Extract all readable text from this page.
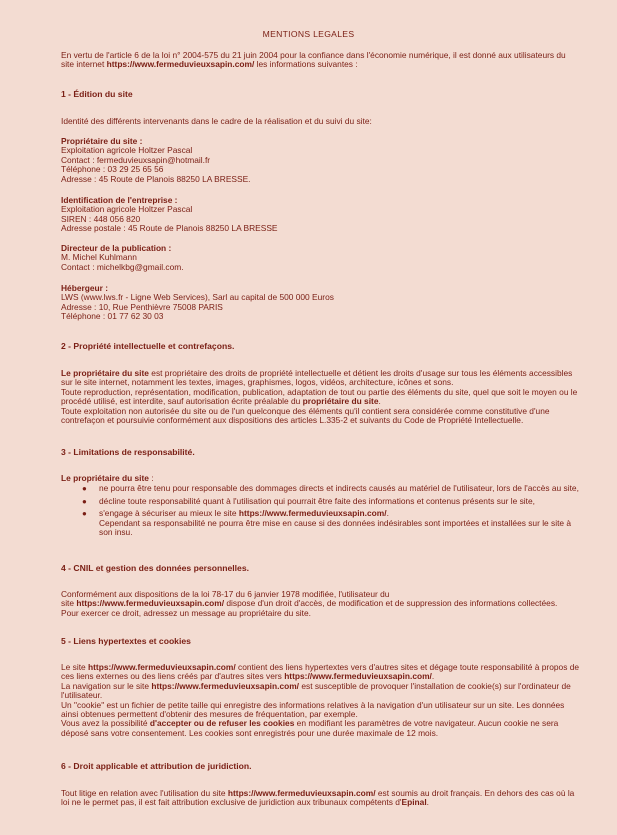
MENTIONS LEGALES

En vertu de l'article 6 de la loi n° 2004-575 du 21 juin 2004 pour la confiance dans l'économie numérique, il est donné aux utilisateurs du site internet https://www.fermeduvieuxsapin.com/ les informations suivantes :

1 - Édition du site
Identité des différents intervenants dans le cadre de la réalisation et du suivi du site:
Propriétaire du site :
Exploitation agricole Holtzer Pascal
Contact : fermeduvieuxsapin@hotmail.fr
Téléphone : 03 29 25 65 56
Adresse : 45 Route de Planois 88250 LA BRESSE.
Identification de l'entreprise :
Exploitation agricole Holtzer Pascal
SIREN : 448 056 820
Adresse postale : 45 Route de Planois 88250 LA BRESSE
Directeur de la publication :
M. Michel Kuhlmann
Contact : michelkbg@gmail.com.
Hébergeur :
LWS (www.lws.fr - Ligne Web Services), Sarl au capital de 500 000 Euros
Adresse : 10, Rue Penthièvre 75008 PARIS
Téléphone : 01 77 62 30 03
2 - Propriété intellectuelle et contrefaçons.

Le propriétaire du site est propriétaire des droits de propriété intellectuelle et détient les droits d'usage sur tous les éléments accessibles sur le site internet, notamment les textes, images, graphismes, logos, vidéos, architecture, icônes et sons.

Toute reproduction, représentation, modification, publication, adaptation de tout ou partie des éléments du site, quel que soit le moyen ou le procédé utilisé, est interdite, sauf autorisation écrite préalable du propriétaire du site.

Toute exploitation non autorisée du site ou de l'un quelconque des éléments qu'il contient sera considérée comme constitutive d'une contrefaçon et poursuivie conformément aux dispositions des articles L.335-2 et suivants du Code de Propriété Intellectuelle.

3 - Limitations de responsabilité.

Le propriétaire du site :

● ne pourra être tenu pour responsable des dommages directs et indirects causés au matériel de l'utilisateur, lors de l'accès au site,
● décline toute responsabilité quant à l'utilisation qui pourrait être faite des informations et contenus présents sur le site,
● s'engage à sécuriser au mieux le site https://www.fermeduvieuxsapin.com/.
Cependant sa responsabilité ne pourra être mise en cause si des données indésirables sont importées et installées sur le site à son insu.
4 - CNIL et gestion des données personnelles.
Conformément aux dispositions de la loi 78-17 du 6 janvier 1978 modifiée, l'utilisateur du
site https://www.fermeduvieuxsapin.com/ dispose d'un droit d'accès, de modification et de suppression des informations collectées.
Pour exercer ce droit, adressez un message au propriétaire du site.
5 - Liens hypertextes et cookies

Le site https://www.fermeduvieuxsapin.com/ contient des liens hypertextes vers d'autres sites et dégage toute responsabilité à propos de ces liens externes ou des liens créés par d'autres sites vers https://www.fermeduvieuxsapin.com/.

La navigation sur le site https://www.fermeduvieuxsapin.com/ est susceptible de provoquer l'installation de cookie(s) sur l'ordinateur de l'utilisateur.

Un "cookie" est un fichier de petite taille qui enregistre des informations relatives à la navigation d'un utilisateur sur un site. Les données ainsi obtenues permettent d'obtenir des mesures de fréquentation, par exemple.

Vous avez la possibilité d'accepter ou de refuser les cookies en modifiant les paramètres de votre navigateur. Aucun cookie ne sera déposé sans votre consentement. Les cookies sont enregistrés pour une durée maximale de 12 mois.

6 - Droit applicable et attribution de juridiction.

Tout litige en relation avec l'utilisation du site https://www.fermeduvieuxsapin.com/ est soumis au droit français. En dehors des cas où la loi ne le permet pas, il est fait attribution exclusive de juridiction aux tribunaux compétents d'Epinal.
